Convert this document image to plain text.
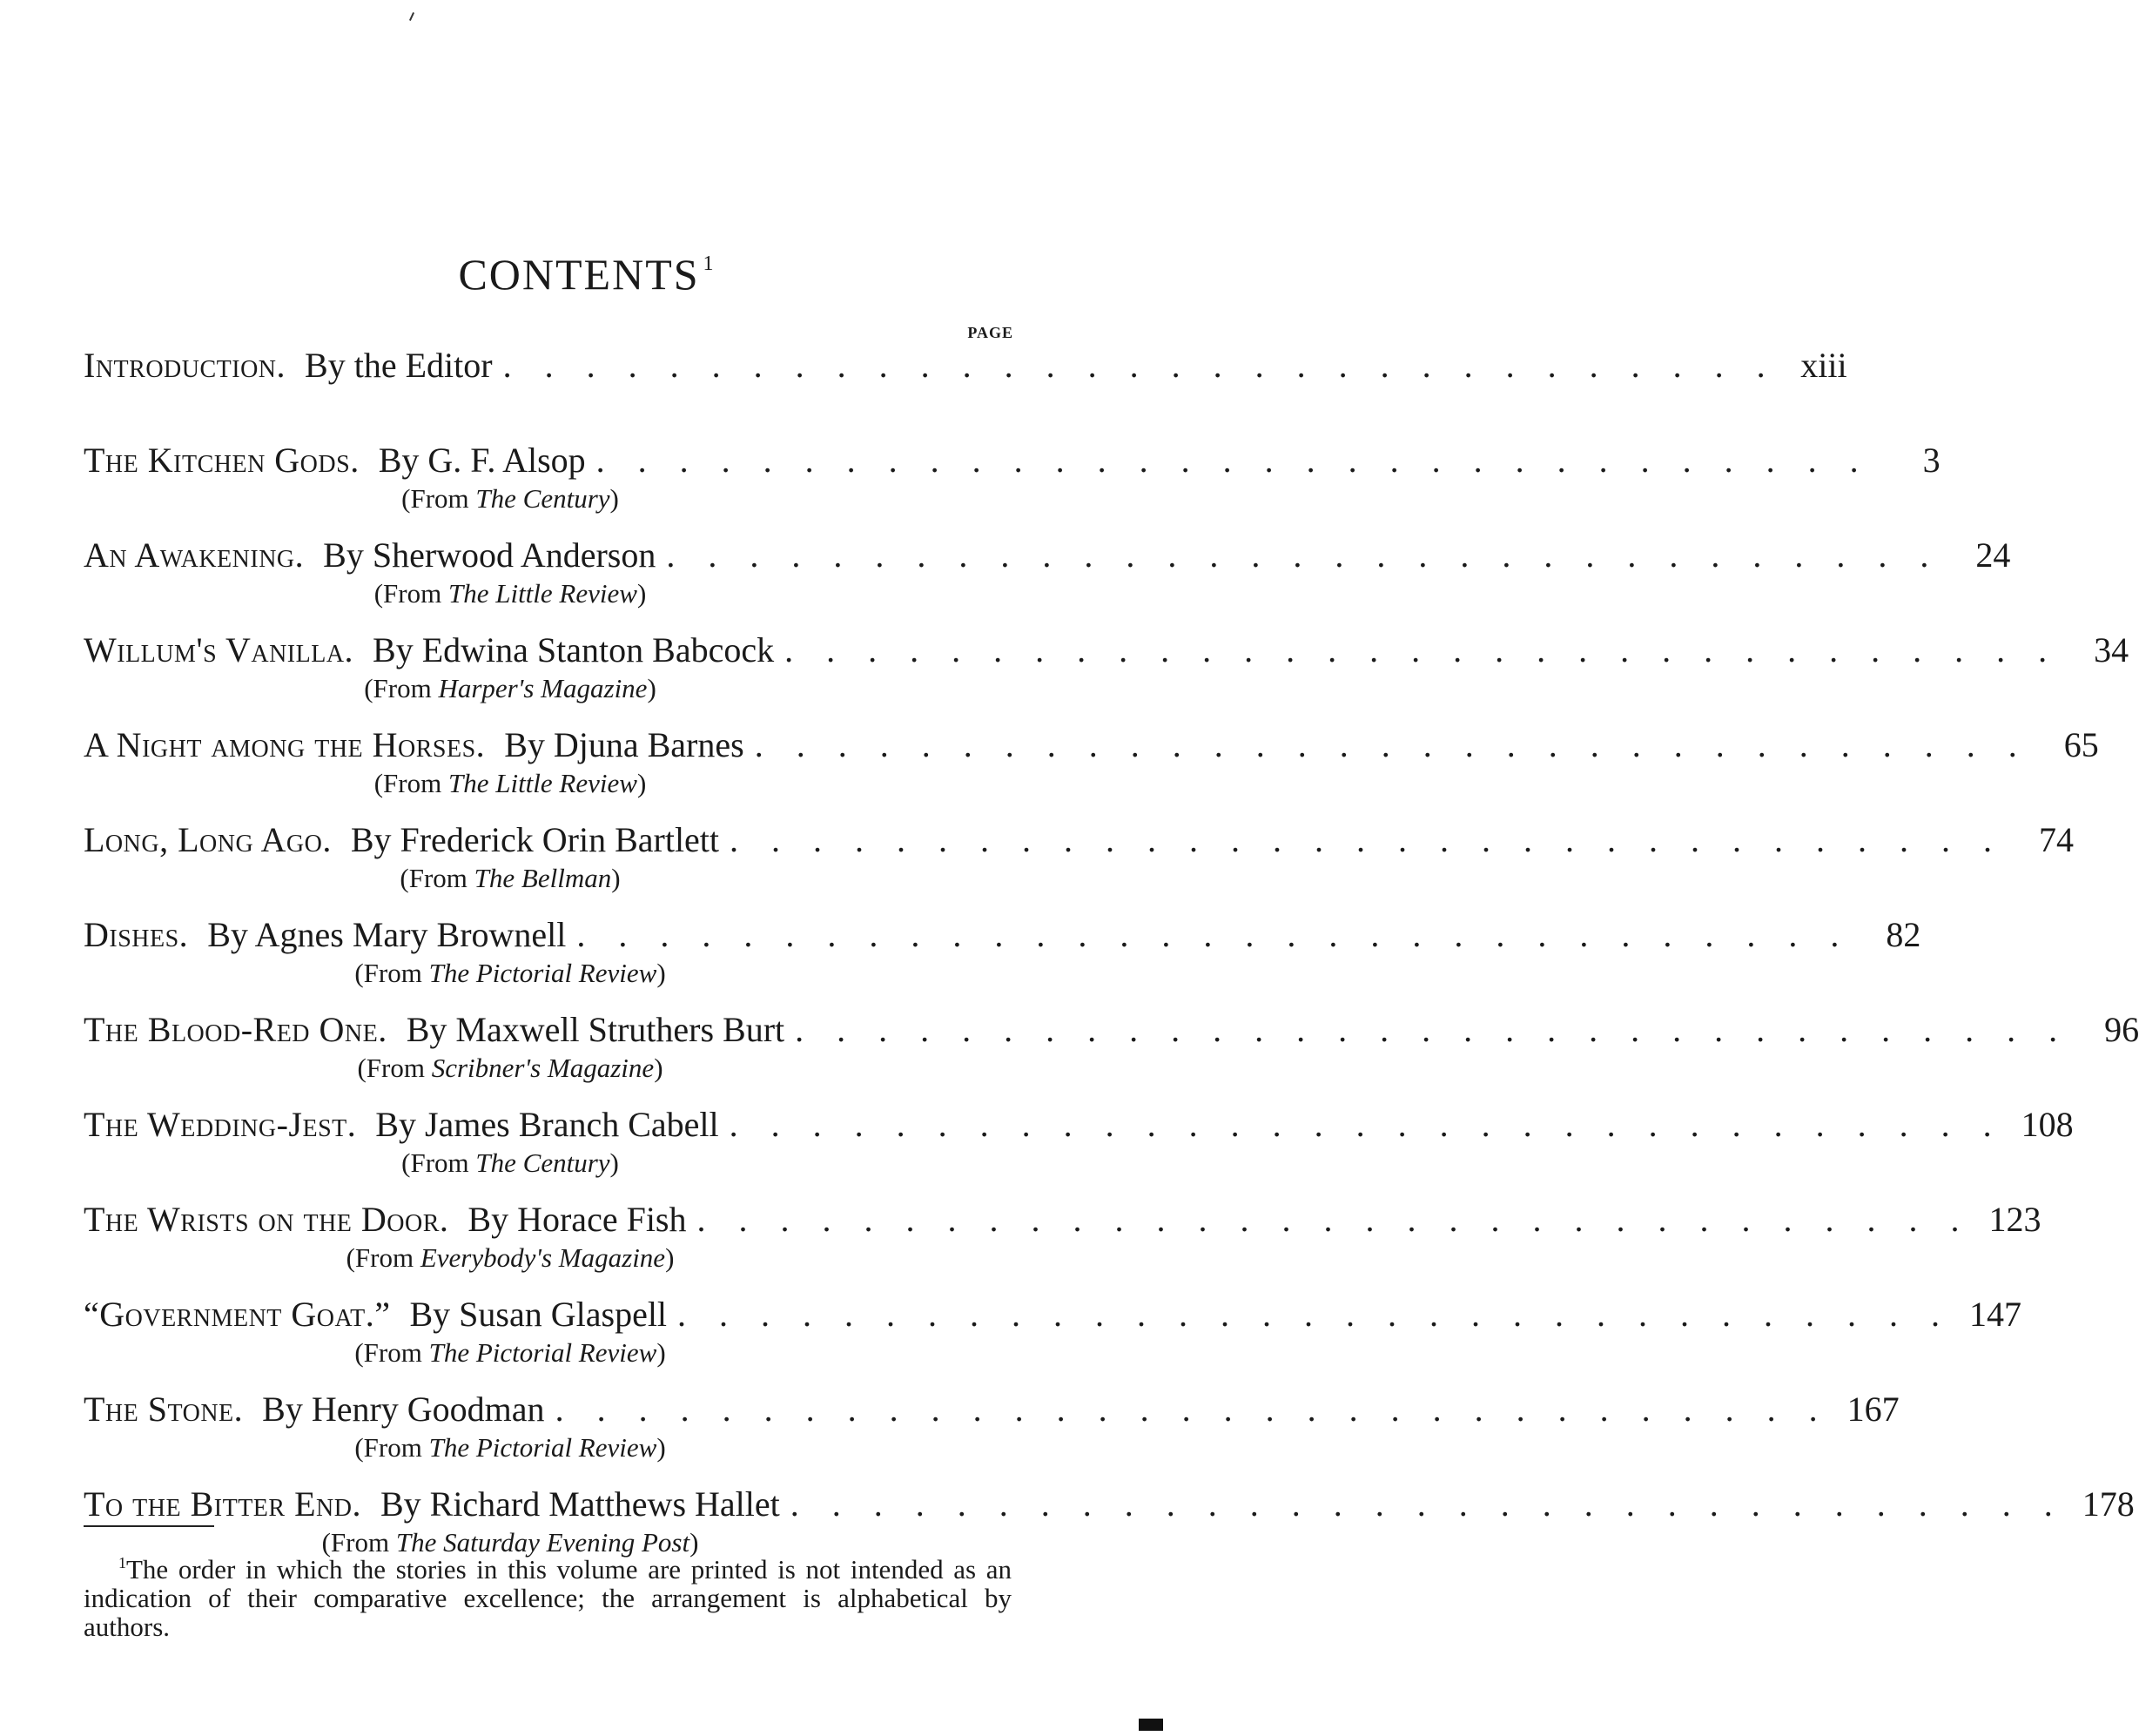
CONTENTS $^1$
PAGE
Introduction. By the Editor . . . . . . . . . . . . . . . . . . . . . . . . . . . . . . . xiii
The Kitchen Gods. By G. F. Alsop . . . . . . . . . . . . . . . . . . . . . . . . . . . . . . .	3
(From The Century)
An Awakening. By Sherwood Anderson . . . . . . . . . . . . . . . . . . . . . . . . . . . . . . .	24
(From The Little Review)
Willum's Vanilla. By Edwina Stanton Babcock . . . . . . . . . . . . . . . . . . . . . . . . . . . . . . .	34
(From Harper's Magazine)
A Night among the Horses. By Djuna Barnes . . . . . . . . . . . . . . . . . . . . . . . . . . . . . . .	65
(From The Little Review)
Long, Long Ago. By Frederick Orin Bartlett . . . . . . . . . . . . . . . . . . . . . . . . . . . . . . .	74
(From The Bellman)
Dishes. By Agnes Mary Brownell . . . . . . . . . . . . . . . . . . . . . . . . . . . . . . .	82
(From The Pictorial Review)
The Blood-Red One. By Maxwell Struthers Burt . . . . . . . . . . . . . . . . . . . . . . . . . . . . . . .	96
(From Scribner's Magazine)
The Wedding-Jest. By James Branch Cabell . . . . . . . . . . . . . . . . . . . . . . . . . . . . . . . 108
(From The Century)
The Wrists on the Door. By Horace Fish . . . . . . . . . . . . . . . . . . . . . . . . . . . . . . . 123
(From Everybody's Magazine)
“Government Goat.” By Susan Glaspell . . . . . . . . . . . . . . . . . . . . . . . . . . . . . . . 147
(From The Pictorial Review)
The Stone. By Henry Goodman . . . . . . . . . . . . . . . . . . . . . . . . . . . . . . . 167
(From The Pictorial Review)
To the Bitter End. By Richard Matthews Hallet . . . . . . . . . . . . . . . . . . . . . . . . . . . . . . . 178
(From The Saturday Evening Post)
$^1$The order in which the stories in this volume are printed is not intended as an indication of their comparative excellence; the arrangement is alphabetical by authors.
